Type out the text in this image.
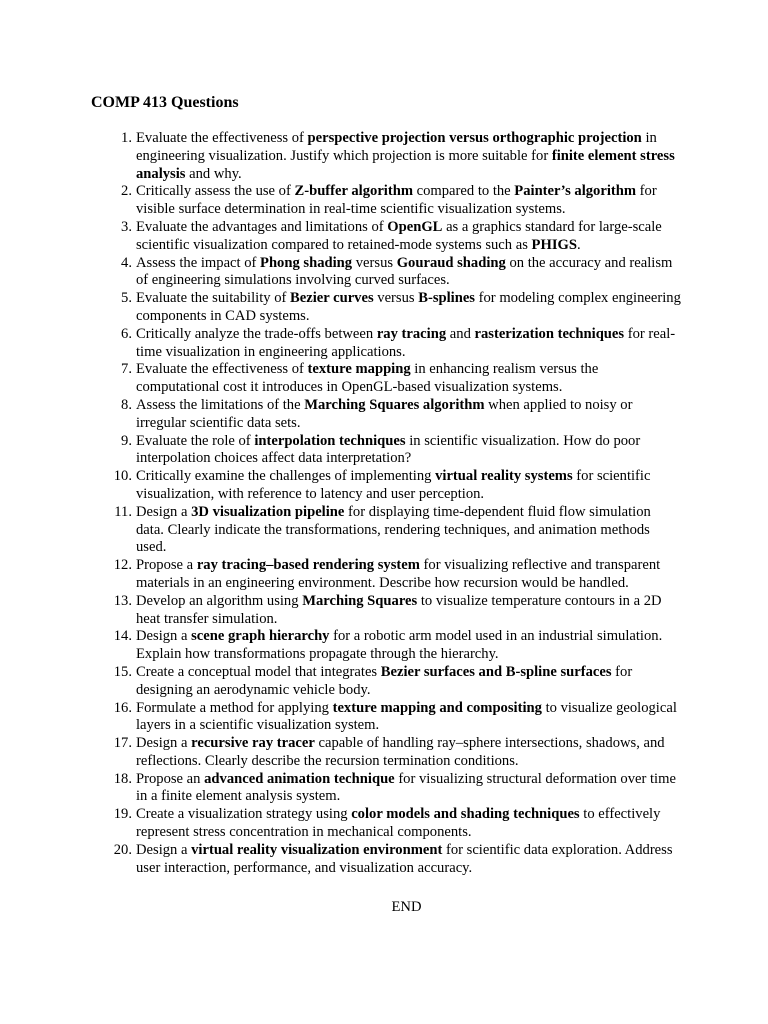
COMP 413 Questions
1. Evaluate the effectiveness of perspective projection versus orthographic projection in engineering visualization. Justify which projection is more suitable for finite element stress analysis and why.
2. Critically assess the use of Z-buffer algorithm compared to the Painter’s algorithm for visible surface determination in real-time scientific visualization systems.
3. Evaluate the advantages and limitations of OpenGL as a graphics standard for large-scale scientific visualization compared to retained-mode systems such as PHIGS.
4. Assess the impact of Phong shading versus Gouraud shading on the accuracy and realism of engineering simulations involving curved surfaces.
5. Evaluate the suitability of Bezier curves versus B-splines for modeling complex engineering components in CAD systems.
6. Critically analyze the trade-offs between ray tracing and rasterization techniques for real-time visualization in engineering applications.
7. Evaluate the effectiveness of texture mapping in enhancing realism versus the computational cost it introduces in OpenGL-based visualization systems.
8. Assess the limitations of the Marching Squares algorithm when applied to noisy or irregular scientific data sets.
9. Evaluate the role of interpolation techniques in scientific visualization. How do poor interpolation choices affect data interpretation?
10. Critically examine the challenges of implementing virtual reality systems for scientific visualization, with reference to latency and user perception.
11. Design a 3D visualization pipeline for displaying time-dependent fluid flow simulation data. Clearly indicate the transformations, rendering techniques, and animation methods used.
12. Propose a ray tracing–based rendering system for visualizing reflective and transparent materials in an engineering environment. Describe how recursion would be handled.
13. Develop an algorithm using Marching Squares to visualize temperature contours in a 2D heat transfer simulation.
14. Design a scene graph hierarchy for a robotic arm model used in an industrial simulation. Explain how transformations propagate through the hierarchy.
15. Create a conceptual model that integrates Bezier surfaces and B-spline surfaces for designing an aerodynamic vehicle body.
16. Formulate a method for applying texture mapping and compositing to visualize geological layers in a scientific visualization system.
17. Design a recursive ray tracer capable of handling ray–sphere intersections, shadows, and reflections. Clearly describe the recursion termination conditions.
18. Propose an advanced animation technique for visualizing structural deformation over time in a finite element analysis system.
19. Create a visualization strategy using color models and shading techniques to effectively represent stress concentration in mechanical components.
20. Design a virtual reality visualization environment for scientific data exploration. Address user interaction, performance, and visualization accuracy.
END
